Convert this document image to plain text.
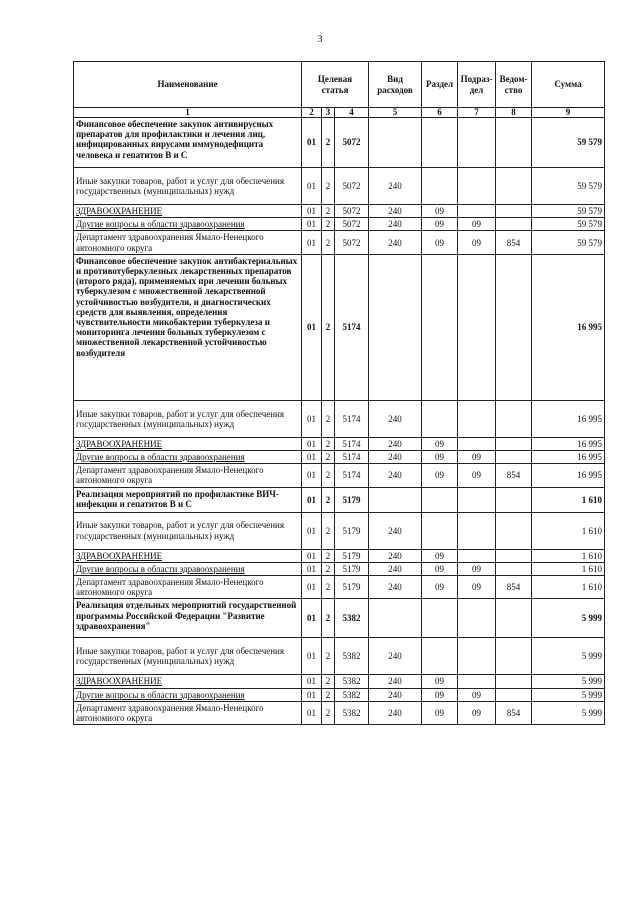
3
Наименование	Целевая статья			Вид расходов	Раздел	Подраз-дел	Ведом-ство	Сумма
1	2	3	4	5	6	7	8	9
Финансовое обеспечение закупок антивирусных препаратов для профилактики и лечения лиц, инфицированных вирусами иммунодефицита человека и гепатитов B и C	01	2	5072					59 579
Иные закупки товаров, работ и услуг для обеспечения государственных (муниципальных) нужд	01	2	5072	240				59 579
ЗДРАВООХРАНЕНИЕ	01	2	5072	240	09			59 579
Другие вопросы в области здравоохранения	01	2	5072	240	09	09		59 579
Департамент здравоохранения Ямало-Ненецкого автономного округа	01	2	5072	240	09	09	854	59 579
Финансовое обеспечение закупок антибактериальных и противотуберкулезных лекарственных препаратов (второго ряда), применяемых при лечении больных туберкулезом с множественной лекарственной устойчивостью возбудителя, и диагностических средств для выявления, определения чувствительности микобактерии туберкулеза и мониторинга лечения больных туберкулезом с множественной лекарственной устойчивостью возбудителя	01	2	5174					16 995
Иные закупки товаров, работ и услуг для обеспечения государственных (муниципальных) нужд	01	2	5174	240				16 995
ЗДРАВООХРАНЕНИЕ	01	2	5174	240	09			16 995
Другие вопросы в области здравоохранения	01	2	5174	240	09	09		16 995
Департамент здравоохранения Ямало-Ненецкого автономного округа	01	2	5174	240	09	09	854	16 995
Реализация мероприятий по профилактике ВИЧ-инфекции и гепатитов B и C	01	2	5179					1 610
Иные закупки товаров, работ и услуг для обеспечения государственных (муниципальных) нужд	01	2	5179	240				1 610
ЗДРАВООХРАНЕНИЕ	01	2	5179	240	09			1 610
Другие вопросы в области здравоохранения	01	2	5179	240	09	09		1 610
Департамент здравоохранения Ямало-Ненецкого автономного округа	01	2	5179	240	09	09	854	1 610
Реализация отдельных мероприятий государственной программы Российской Федерации "Развитие здравоохранения"	01	2	5382					5 999
Иные закупки товаров, работ и услуг для обеспечения государственных (муниципальных) нужд	01	2	5382	240				5 999
ЗДРАВООХРАНЕНИЕ	01	2	5382	240	09			5 999
Другие вопросы в области здравоохранения	01	2	5382	240	09	09		5 999
Департамент здравоохранения Ямало-Ненецкого автономного округа	01	2	5382	240	09	09	854	5 999
